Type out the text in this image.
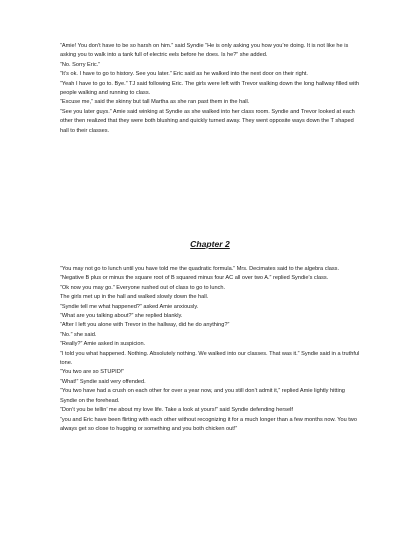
“Amie! You don’t have to be so harsh on him.” said Syndie “He is only asking you how you’re doing. It is not like he is asking you to walk into a tank full of electric eels before he does. Is he?” she added.

“No. Sorry Eric.”

“It’s ok. I have to go to history. See you later.” Eric said as he walked into the next door on their right.

“Yeah I have to go to. Bye.” TJ said following Eric. The girls were left with Trevor walking down the long hallway filled with people walking and running to class.

“Excuse me,” said the skinny but tall Martha as she ran past them in the hall.

“See you later guys.” Amie said winking at Syndie as she walked into her class room. Syndie and Trevor looked at each other then realized that they were both blushing and quickly turned away. They went opposite ways down the T shaped hall to their classes.

Chapter 2

“You may not go to lunch until you have told me the quadratic formula.” Mrs. Decimates said to the algebra class.

“Negative B plus or minus the square root of B squared minus four AC all over two A.” replied Syndie’s class.

“Ok now you may go.” Everyone rushed out of class to go to lunch.

The girls met up in the hall and walked slowly down the hall.

“Syndie tell me what happened?” asked Amie anxiously.

“What are you talking about?” she replied blankly.

“After I left you alone with Trevor in the hallway, did he do anything?”

“No.” she said.

“Really?” Amie asked in suspicion.

“I told you what happened. Nothing. Absolutely nothing. We walked into our classes. That was it.” Syndie said in a truthful tone.

“You two are so STUPID!”

“What!” Syndie said very offended.

“You two have had a crush on each other for over a year now, and you still don’t admit it,” replied Amie lightly hitting Syndie on the forehead.

“Don’t you be tellin’ me about my love life. Take a look at yours!” said Syndie defending herself

“you and Eric have been flirting with each other without recognizing it for a much longer than a few months now. You two always get so close to hugging or something and you both chicken out!”
